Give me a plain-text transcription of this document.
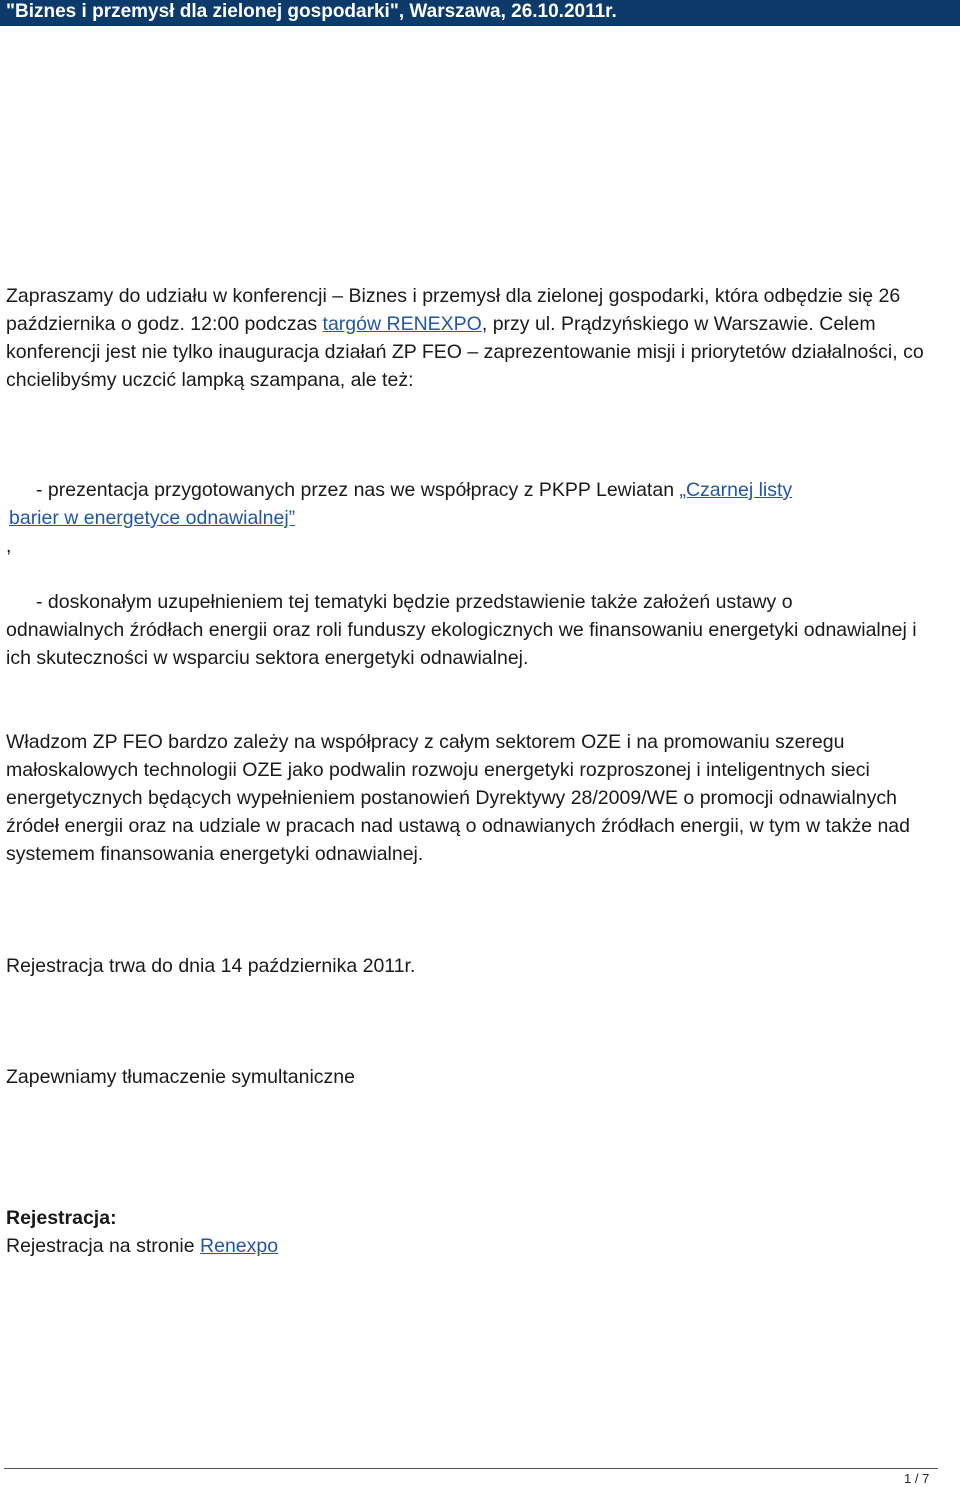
"Biznes i przemysł dla zielonej gospodarki", Warszawa, 26.10.2011r.

Zapraszamy do udziału w konferencji – Biznes i przemysł dla zielonej gospodarki, która odbędzie się 26 października o godz. 12:00 podczas targów RENEXPO, przy ul. Prądzyńskiego w Warszawie. Celem konferencji jest nie tylko inauguracja działań ZP FEO – zaprezentowanie misji i priorytetów działalności, co chcielibyśmy uczcić lampką szampana, ale też:

- prezentacja przygotowanych przez nas we współpracy z PKPP Lewiatan „Czarnej listy
barier w energetyce odnawialnej”
,
- doskonałym uzupełnieniem tej tematyki będzie przedstawienie także założeń ustawy o
odnawialnych źródłach energii oraz roli funduszy ekologicznych we finansowaniu energetyki odnawialnej i ich skuteczności w wsparciu sektora energetyki odnawialnej.

Władzom ZP FEO bardzo zależy na współpracy z całym sektorem OZE i na promowaniu szeregu małoskalowych technologii OZE jako podwalin rozwoju energetyki rozproszonej i inteligentnych sieci energetycznych będących wypełnieniem postanowień Dyrektywy 28/2009/WE o promocji odnawialnych źródeł energii oraz na udziale w pracach nad ustawą o odnawianych źródłach energii, w tym w także nad systemem finansowania energetyki odnawialnej.

Rejestracja trwa do dnia 14 października 2011r.

Zapewniamy tłumaczenie symultaniczne

Rejestracja:

Rejestracja na stronie Renexpo

1 / 7
